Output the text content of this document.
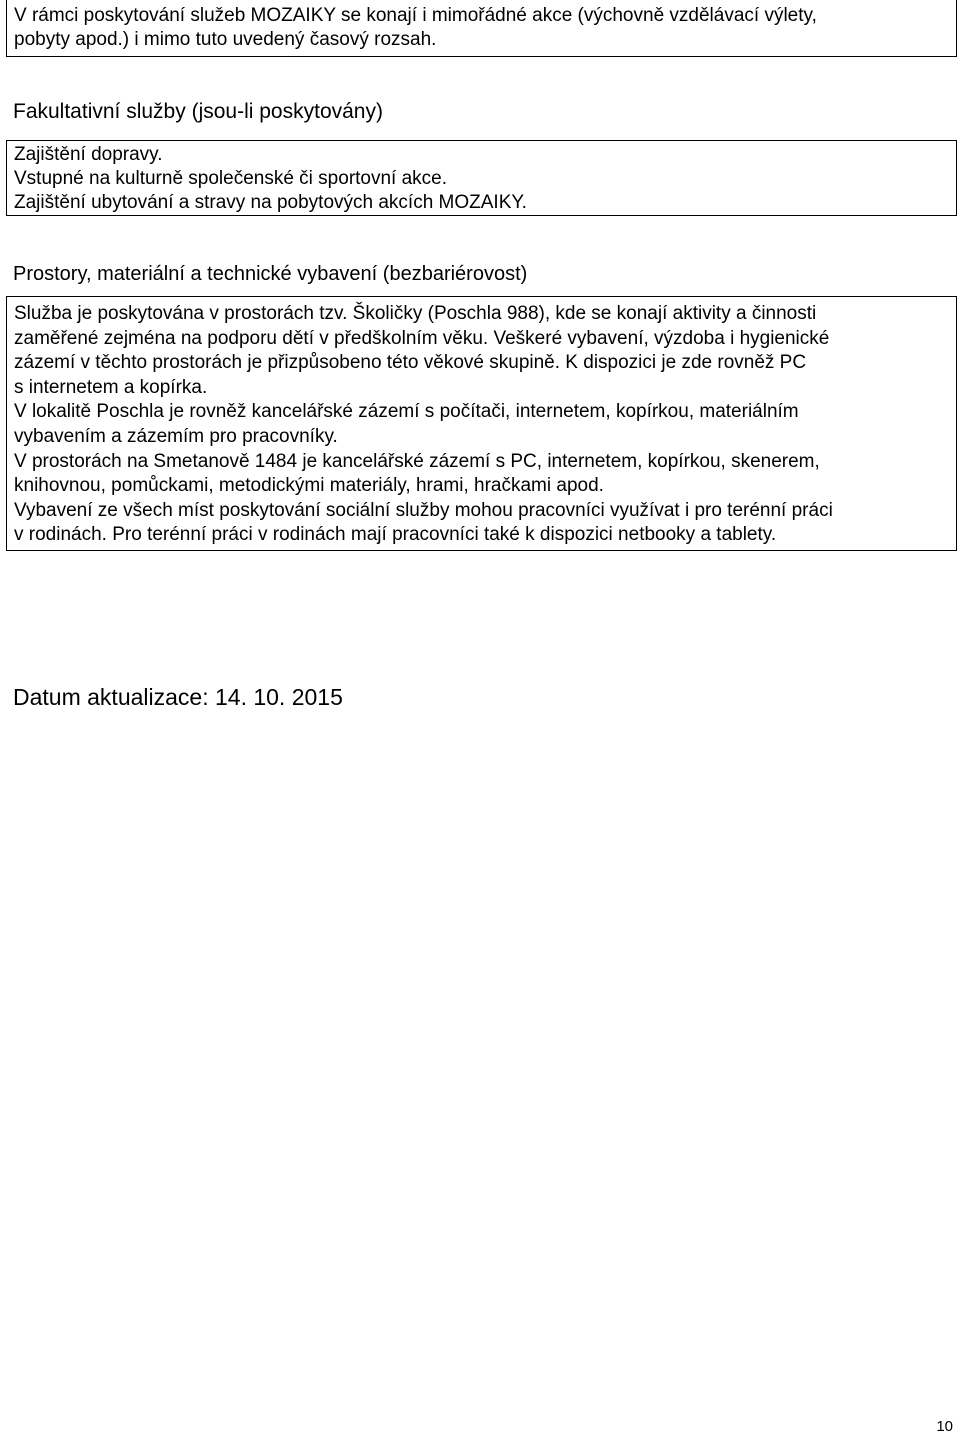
V rámci poskytování služeb MOZAIKY se konají i mimořádné akce (výchovně vzdělávací výlety,
pobyty apod.) i mimo tuto uvedený časový rozsah.
Fakultativní služby (jsou-li poskytovány)
Zajištění dopravy.
Vstupné na kulturně společenské či sportovní akce.
Zajištění ubytování a stravy na pobytových akcích MOZAIKY.
Prostory, materiální a technické vybavení (bezbariérovost)
Služba je poskytována v prostorách tzv. Školičky (Poschla 988), kde se konají aktivity a činnosti
zaměřené zejména na podporu dětí v předškolním věku. Veškeré vybavení, výzdoba i hygienické
zázemí v těchto prostorách je přizpůsobeno této věkové skupině. K dispozici je zde rovněž PC
s internetem a kopírka.
V lokalitě Poschla je rovněž kancelářské zázemí s počítači, internetem, kopírkou, materiálním
vybavením a zázemím pro pracovníky.
V prostorách na Smetanově 1484 je kancelářské zázemí s PC, internetem, kopírkou, skenerem,
knihovnou, pomůckami, metodickými materiály, hrami, hračkami apod.
Vybavení ze všech míst poskytování sociální služby mohou pracovníci využívat i pro terénní práci
v rodinách. Pro terénní práci v rodinách mají pracovníci také k dispozici netbooky a tablety.
Datum aktualizace: 14. 10. 2015
10
